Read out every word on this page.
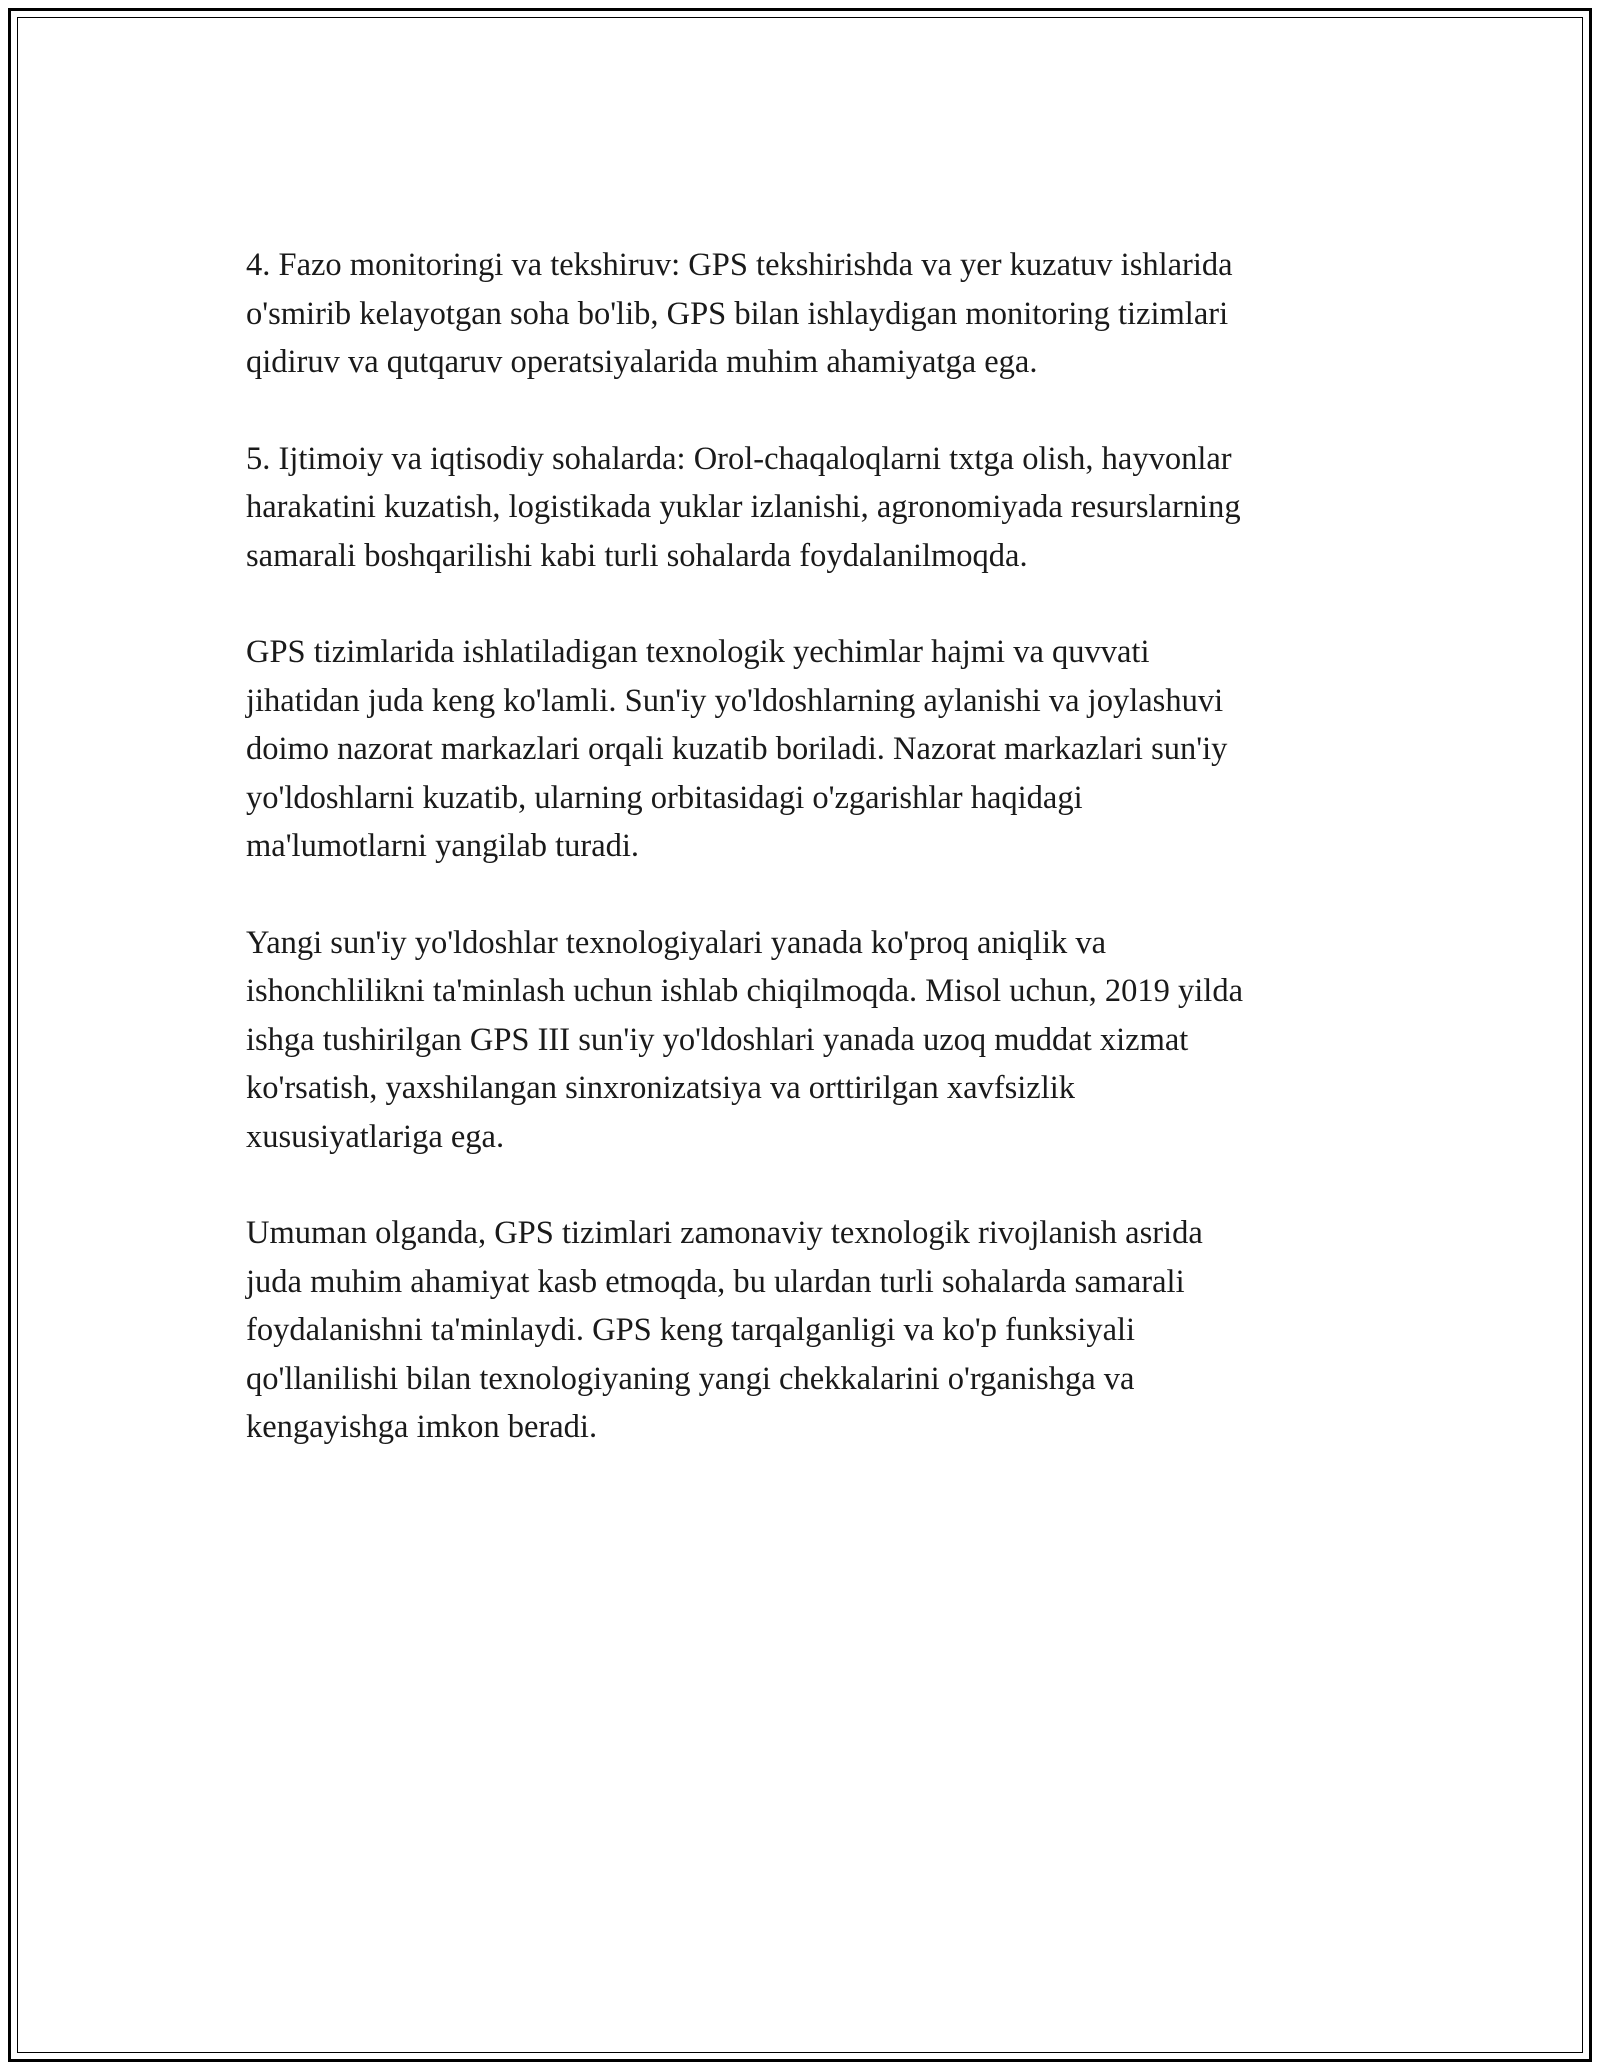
4. Fazo monitoringi va tekshiruv: GPS tekshirishda va yer kuzatuv ishlarida
o'smirib kelayotgan soha bo'lib, GPS bilan ishlaydigan monitoring tizimlari
qidiruv va qutqaruv operatsiyalarida muhim ahamiyatga ega.

5. Ijtimoiy va iqtisodiy sohalarda: Orol-chaqaloqlarni txtga olish, hayvonlar
harakatini kuzatish, logistikada yuklar izlanishi, agronomiyada resurslarning
samarali boshqarilishi kabi turli sohalarda foydalanilmoqda.

GPS tizimlarida ishlatiladigan texnologik yechimlar hajmi va quvvati
jihatidan juda keng ko'lamli. Sun'iy yo'ldoshlarning aylanishi va joylashuvi
doimo nazorat markazlari orqali kuzatib boriladi. Nazorat markazlari sun'iy
yo'ldoshlarni kuzatib, ularning orbitasidagi o'zgarishlar haqidagi
ma'lumotlarni yangilab turadi.

Yangi sun'iy yo'ldoshlar texnologiyalari yanada ko'proq aniqlik va
ishonchlilikni ta'minlash uchun ishlab chiqilmoqda. Misol uchun, 2019 yilda
ishga tushirilgan GPS III sun'iy yo'ldoshlari yanada uzoq muddat xizmat
ko'rsatish, yaxshilangan sinxronizatsiya va orttirilgan xavfsizlik
xususiyatlariga ega.

Umuman olganda, GPS tizimlari zamonaviy texnologik rivojlanish asrida
juda muhim ahamiyat kasb etmoqda, bu ulardan turli sohalarda samarali
foydalanishni ta'minlaydi. GPS keng tarqalganligi va ko'p funksiyali
qo'llanilishi bilan texnologiyaning yangi chekkalarini o'rganishga va
kengayishga imkon beradi.
